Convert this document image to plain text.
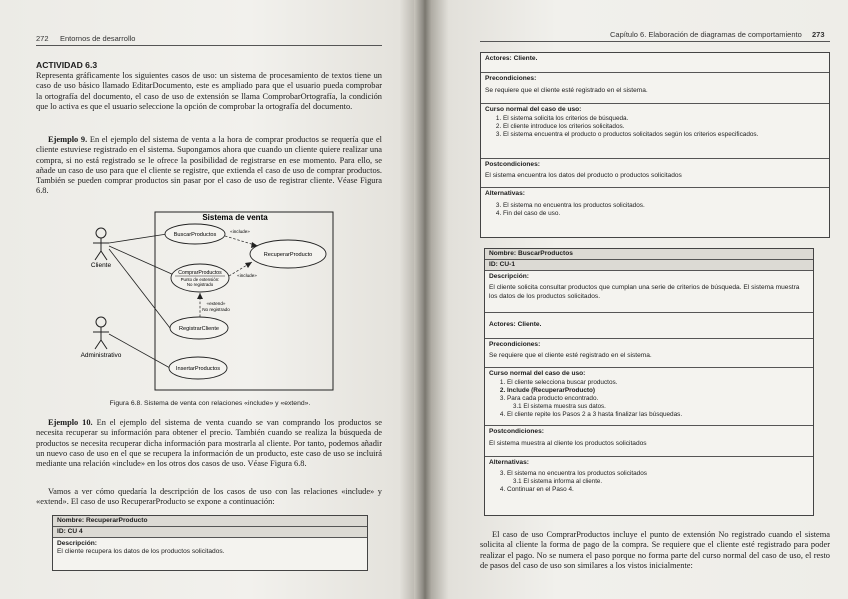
272 Entornos de desarrollo
ACTIVIDAD 6.3

Representa gráficamente los siguientes casos de uso: un sistema de procesamiento de textos tiene un caso de uso básico llamado EditarDocumento, este es ampliado para que el usuario pueda comprobar la ortografía del documento, el caso de uso de extensión se llama ComprobarOrtografía, la condición que lo activa es que el usuario seleccione la opción de comprobar la ortografía del documento.

Ejemplo 9. En el ejemplo del sistema de venta a la hora de comprar productos se requería que el cliente estuviese registrado en el sistema. Supongamos ahora que cuando un cliente quiere realizar una compra, si no está registrado se le ofrece la posibilidad de registrarse en ese momento. Para ello, se añade un caso de uso para que el cliente se registre, que extienda el caso de uso de comprar productos. También se pueden comprar productos sin pasar por el caso de uso de registrar cliente. Véase Figura 6.8.

Sistema de venta
Cliente
Administrativo
BuscarProductos
RecuperarProducto
ComprarProductos
Punto de extensión:
No registrado
RegistrarCliente
InsertarProductos
«include»
«include»
«extend»
No registrado
Figura 6.8. Sistema de venta con relaciones «include» y «extend».

Ejemplo 10. En el ejemplo del sistema de venta cuando se van comprando los productos se necesita recuperar su información para obtener el precio. También cuando se realiza la búsqueda de productos se necesita recuperar dicha información para mostrarla al cliente. Por tanto, podemos añadir un nuevo caso de uso en el que se recupera la información de un producto, este caso de uso se incluirá mediante una relación «include» en los otros dos casos de uso. Véase Figura 6.8.

Vamos a ver cómo quedaría la descripción de los casos de uso con las relaciones «include» y «extend». El caso de uso RecuperarProducto se expone a continuación:

Nombre: RecuperarProducto
ID: CU 4
Descripción:
El cliente recupera los datos de los productos solicitados.
Capítulo 6. Elaboración de diagramas de comportamiento 273
Actores: Cliente.
Precondiciones:
Se requiere que el cliente esté registrado en el sistema.
Curso normal del caso de uso:
1. El sistema solicita los criterios de búsqueda.
2. El cliente introduce los criterios solicitados.
3. El sistema encuentra el producto o productos solicitados según los criterios especificados.
Postcondiciones:
El sistema encuentra los datos del producto o productos solicitados
Alternativas:
3. El sistema no encuentra los productos solicitados.
4. Fin del caso de uso.
Nombre: BuscarProductos
ID: CU-1
Descripción:
El cliente solicita consultar productos que cumplan una serie de criterios de búsqueda. El sistema muestra los datos de los productos solicitados.
Actores: Cliente.
Precondiciones:
Se requiere que el cliente esté registrado en el sistema.
Curso normal del caso de uso:
1. El cliente selecciona buscar productos.
2. Include (RecuperarProducto)
3. Para cada producto encontrado.
3.1 El sistema muestra sus datos.
4. El cliente repite los Pasos 2 a 3 hasta finalizar las búsquedas.
Postcondiciones:
El sistema muestra al cliente los productos solicitados
Alternativas:
3. El sistema no encuentra los productos solicitados
3.1 El sistema informa al cliente.
4. Continuar en el Paso 4.

El caso de uso ComprarProductos incluye el punto de extensión No registrado cuando el sistema solicita al cliente la forma de pago de la compra. Se requiere que el cliente esté registrado para poder realizar el pago. No se numera el paso porque no forma parte del curso normal del caso de uso, el resto de pasos del caso de uso son similares a los vistos inicialmente:
